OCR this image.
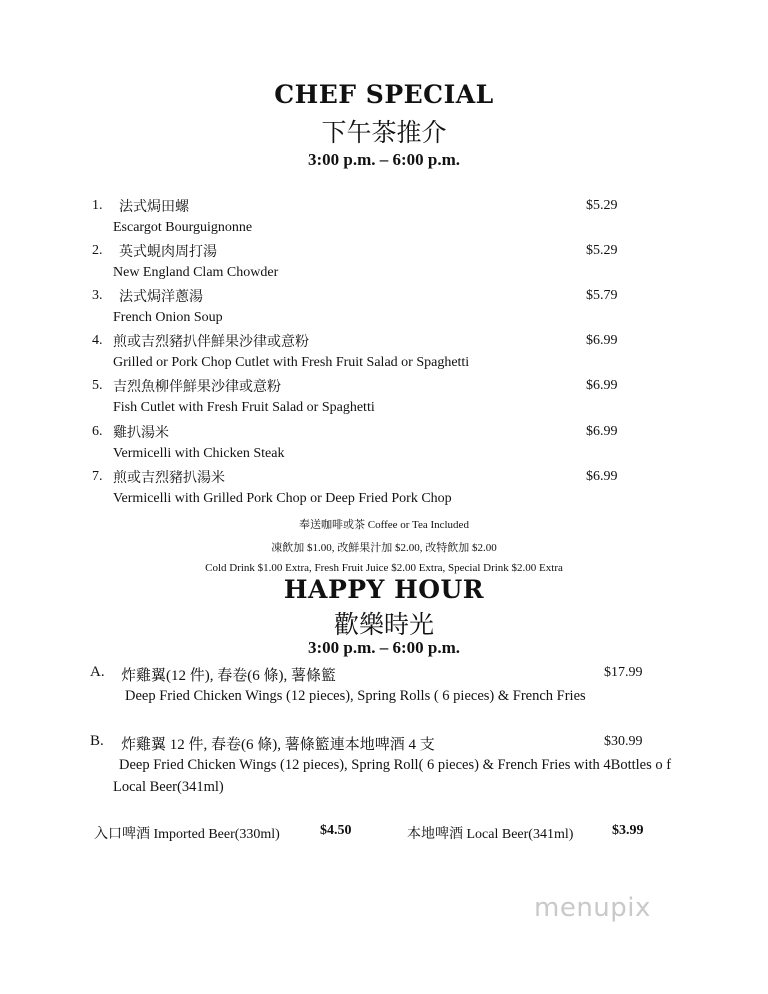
CHEF SPECIAL
下午茶推介
3:00 p.m. – 6:00 p.m.
1. 法式焗田螺	$5.29
Escargot Bourguignonne
2. 英式蜆肉周打湯	$5.29
New England Clam Chowder
3. 法式焗洋蔥湯	$5.79
French Onion Soup
4. 煎或吉烈豬扒伴鮮果沙律或意粉	$6.99
Grilled or Pork Chop Cutlet with Fresh Fruit Salad or Spaghetti
5. 吉烈魚柳伴鮮果沙律或意粉	$6.99
Fish Cutlet with Fresh Fruit Salad or Spaghetti
6. 雞扒湯米	$6.99
Vermicelli with Chicken Steak
7. 煎或吉烈豬扒湯米	$6.99
Vermicelli with Grilled Pork Chop or Deep Fried Pork Chop
奉送咖啡或茶 Coffee or Tea Included
凍飲加 $1.00, 改鮮果汁加 $2.00, 改特飲加 $2.00
Cold Drink $1.00 Extra, Fresh Fruit Juice $2.00 Extra, Special Drink $2.00 Extra
HAPPY HOUR
歡樂時光
3:00 p.m. – 6:00 p.m.
A. 炸雞翼(12 件), 春卷(6 條), 薯條籃	$17.99
Deep Fried Chicken Wings (12 pieces), Spring Rolls ( 6 pieces) & French Fries
B. 炸雞翼 12 件, 春卷(6 條), 薯條籃連本地啤酒 4 支	$30.99
Deep Fried Chicken Wings (12 pieces), Spring Roll( 6 pieces) & French Fries with 4Bottles o f
Local Beer(341ml)
入口啤酒 Imported Beer(330ml)	$4.50	本地啤酒 Local Beer(341ml)	$3.99
menupix
